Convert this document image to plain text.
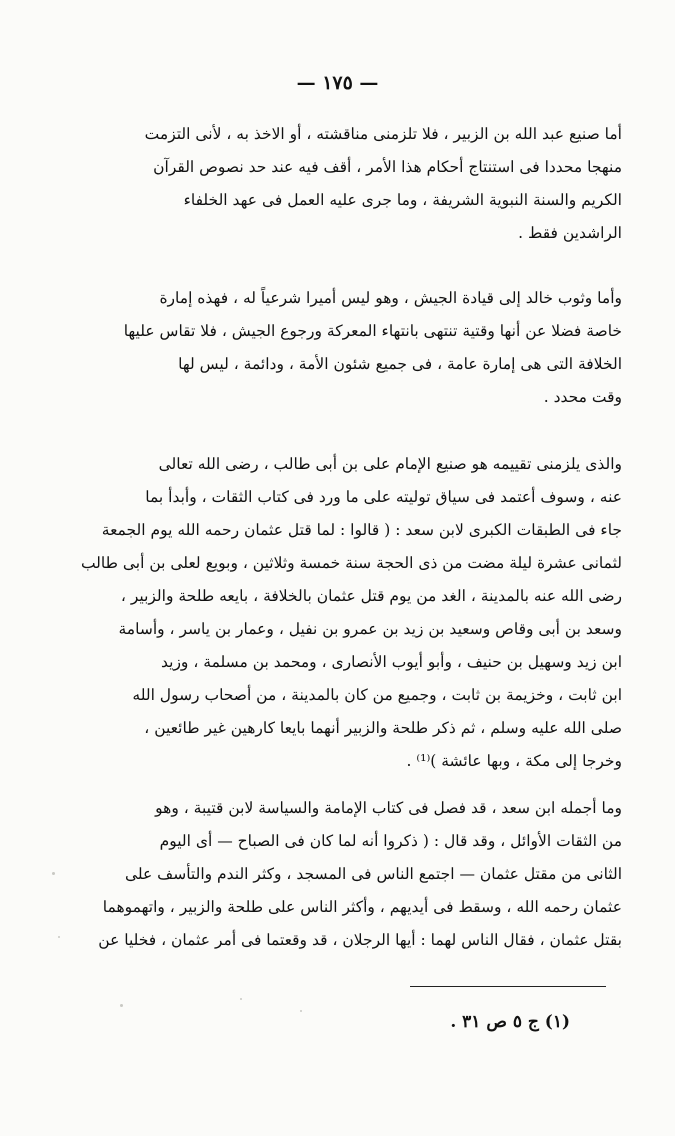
— ١٧٥ —
أما صنيع عبد الله بن الزبير ، فلا تلزمنى مناقشته ، أو الاخذ به ، لأنى التزمت
منهجا محددا فى استنتاج أحكام هذا الأمر ، أقف فيه عند حد نصوص القرآن
الكريم والسنة النبوية الشريفة ، وما جرى عليه العمل فى عهد الخلفاء
الراشدين فقط .
وأما وثوب خالد إلى قيادة الجيش ، وهو ليس أميرا شرعياً له ، فهذه إمارة
خاصة فضلا عن أنها وقتية تنتهى بانتهاء المعركة ورجوع الجيش ، فلا تقاس عليها
الخلافة التى هى إمارة عامة ، فى جميع شئون الأمة ، ودائمة ، ليس لها
وقت محدد .
والذى يلزمنى تقييمه هو صنيع الإمام على بن أبى طالب ، رضى الله تعالى
عنه ، وسوف أعتمد فى سياق توليته على ما ورد فى كتاب الثقات ، وأبدأ بما
جاء فى الطبقات الكبرى لابن سعد : ( قالوا : لما قتل عثمان رحمه الله يوم الجمعة
لثمانى عشرة ليلة مضت من ذى الحجة سنة خمسة وثلاثين ، وبويع لعلى بن أبى طالب
رضى الله عنه بالمدينة ، الغد من يوم قتل عثمان بالخلافة ، بايعه طلحة والزبير ،
وسعد بن أبى وقاص وسعيد بن زيد بن عمرو بن نفيل ، وعمار بن ياسر ، وأسامة
ابن زيد وسهيل بن حنيف ، وأبو أيوب الأنصارى ، ومحمد بن مسلمة ، وزيد
ابن ثابت ، وخزيمة بن ثابت ، وجميع من كان بالمدينة ، من أصحاب رسول الله
صلى الله عليه وسلم ، ثم ذكر طلحة والزبير أنهما بايعا كارهين غير طائعين ،
وخرجا إلى مكة ، وبها عائشة )⁽¹⁾ .
وما أجمله ابن سعد ، قد فصل فى كتاب الإمامة والسياسة لابن قتيبة ، وهو
من الثقات الأوائل ، وقد قال : ( ذكروا أنه لما كان فى الصباح — أى اليوم
الثانى من مقتل عثمان — اجتمع الناس فى المسجد ، وكثر الندم والتأسف على
عثمان رحمه الله ، وسقط فى أيديهم ، وأكثر الناس على طلحة والزبير ، واتهموهما
بقتل عثمان ، فقال الناس لهما : أيها الرجلان ، قد وقعتما فى أمر عثمان ، فخليا عن
(١) ج ٥ ص ٣١ .
